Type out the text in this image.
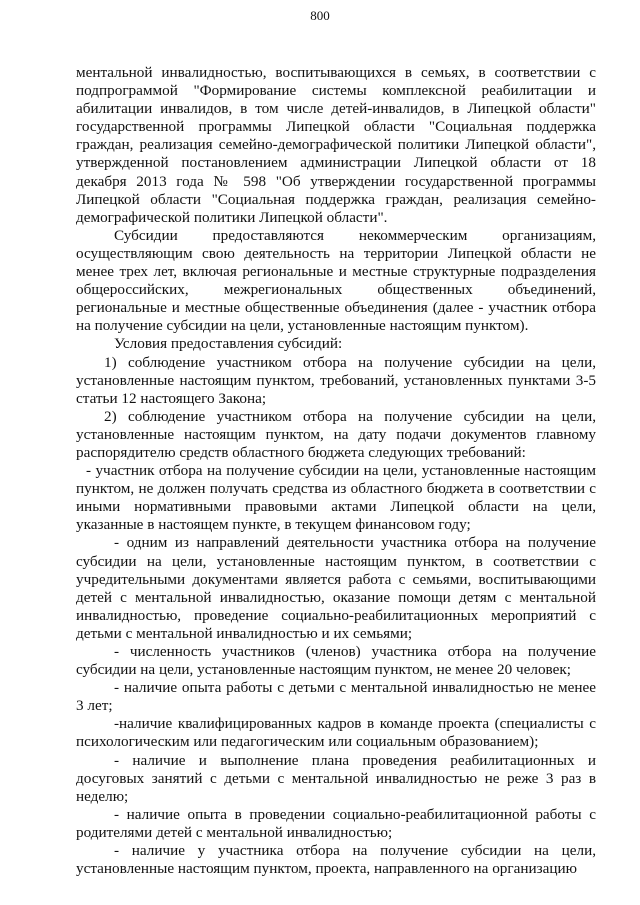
800

ментальной инвалидностью, воспитывающихся в семьях, в соответствии с подпрограммой "Формирование системы комплексной реабилитации и абилитации инвалидов, в том числе детей-инвалидов, в Липецкой области" государственной программы Липецкой области "Социальная поддержка граждан, реализация семейно-демографической политики Липецкой области", утвержденной постановлением администрации Липецкой области от 18 декабря 2013 года № 598 "Об утверждении государственной программы Липецкой области "Социальная поддержка граждан, реализация семейно-демографической политики Липецкой области".

Субсидии предоставляются некоммерческим организациям, осуществляющим свою деятельность на территории Липецкой области не менее трех лет, включая региональные и местные структурные подразделения общероссийских, межрегиональных общественных объединений, региональные и местные общественные объединения (далее - участник отбора на получение субсидии на цели, установленные настоящим пунктом).

Условия предоставления субсидий:

1) соблюдение участником отбора на получение субсидии на цели, установленные настоящим пунктом, требований, установленных пунктами 3-5 статьи 12 настоящего Закона;

2) соблюдение участником отбора на получение субсидии на цели, установленные настоящим пунктом, на дату подачи документов главному распорядителю средств областного бюджета следующих требований:

- участник отбора на получение субсидии на цели, установленные настоящим пунктом, не должен получать средства из областного бюджета в соответствии с иными нормативными правовыми актами Липецкой области на цели, указанные в настоящем пункте, в текущем финансовом году;

- одним из направлений деятельности участника отбора на получение субсидии на цели, установленные настоящим пунктом, в соответствии с учредительными документами является работа с семьями, воспитывающими детей с ментальной инвалидностью, оказание помощи детям с ментальной инвалидностью, проведение социально-реабилитационных мероприятий с детьми с ментальной инвалидностью и их семьями;

- численность участников (членов) участника отбора на получение субсидии на цели, установленные настоящим пунктом, не менее 20 человек;

- наличие опыта работы с детьми с ментальной инвалидностью не менее 3 лет;

-наличие квалифицированных кадров в команде проекта (специалисты с психологическим или педагогическим или социальным образованием);

- наличие и выполнение плана проведения реабилитационных и досуговых занятий с детьми с ментальной инвалидностью не реже 3 раз в неделю;

- наличие опыта в проведении социально-реабилитационной работы с родителями детей с ментальной инвалидностью;

- наличие у участника отбора на получение субсидии на цели, установленные настоящим пунктом, проекта, направленного на организацию
